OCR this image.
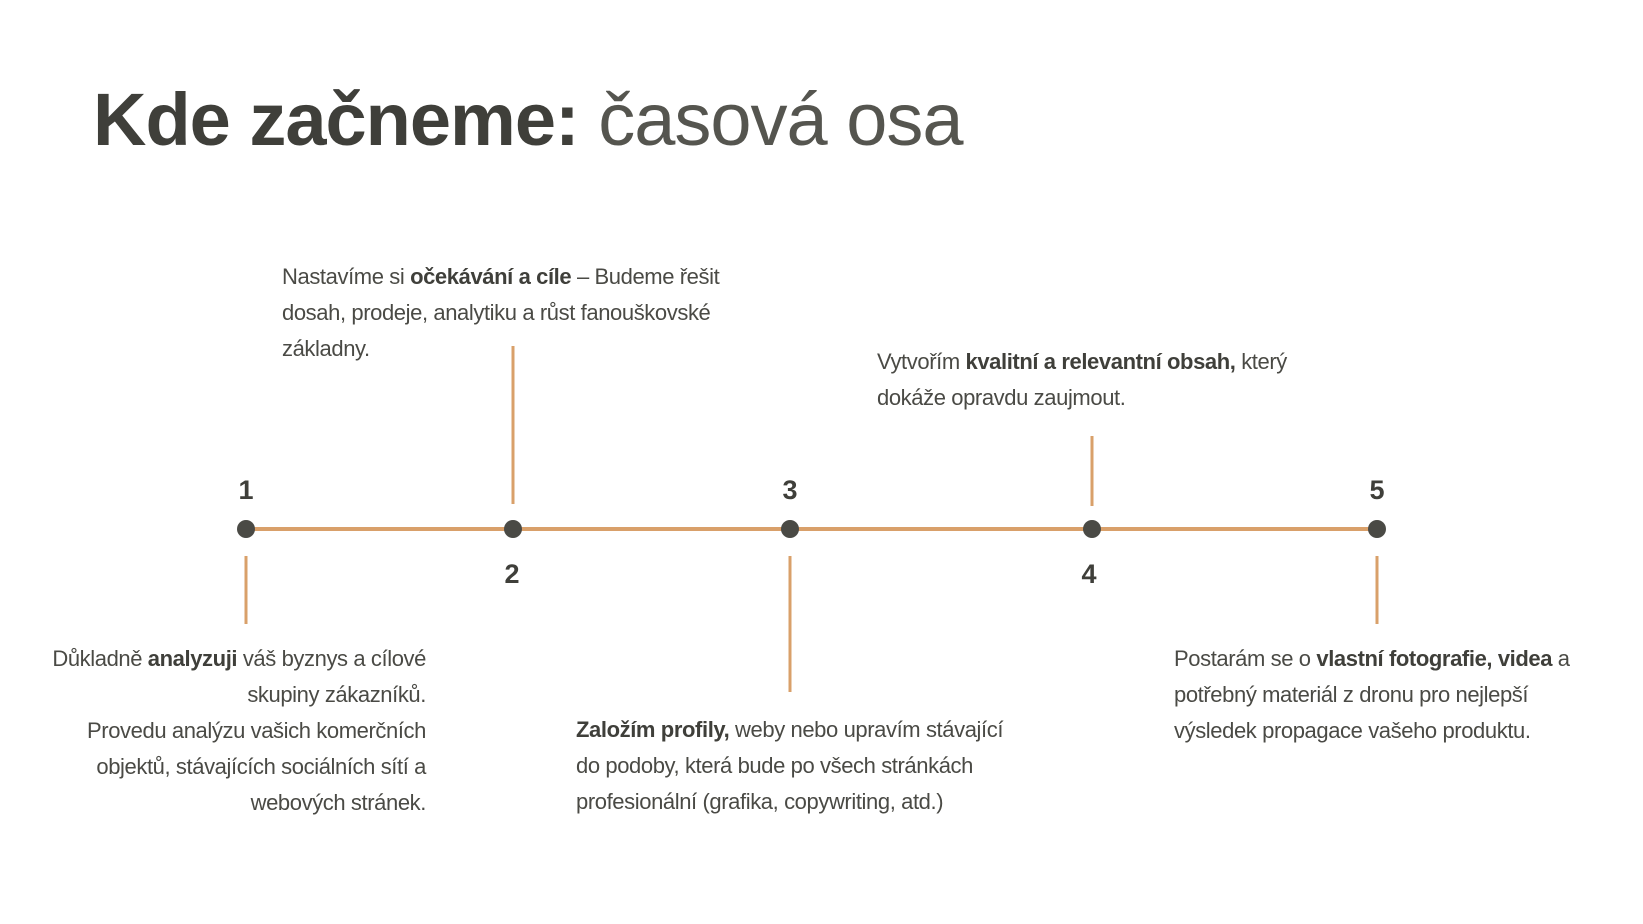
Kde začneme: časová osa
1
2
3
4
5
Důkladně analyzuji váš byznys a cílové
skupiny zákazníků.
Provedu analýzu vašich komerčních
objektů, stávajících sociálních sítí a
webových stránek.
Nastavíme si očekávání a cíle – Budeme řešit
dosah, prodeje, analytiku a růst fanouškovské
základny.
Založím profily, weby nebo upravím stávající
do podoby, která bude po všech stránkách
profesionální (grafika, copywriting, atd.)
Vytvořím kvalitní a relevantní obsah, který
dokáže opravdu zaujmout.
Postarám se o vlastní fotografie, videa a
potřebný materiál z dronu pro nejlepší
výsledek propagace vašeho produktu.
